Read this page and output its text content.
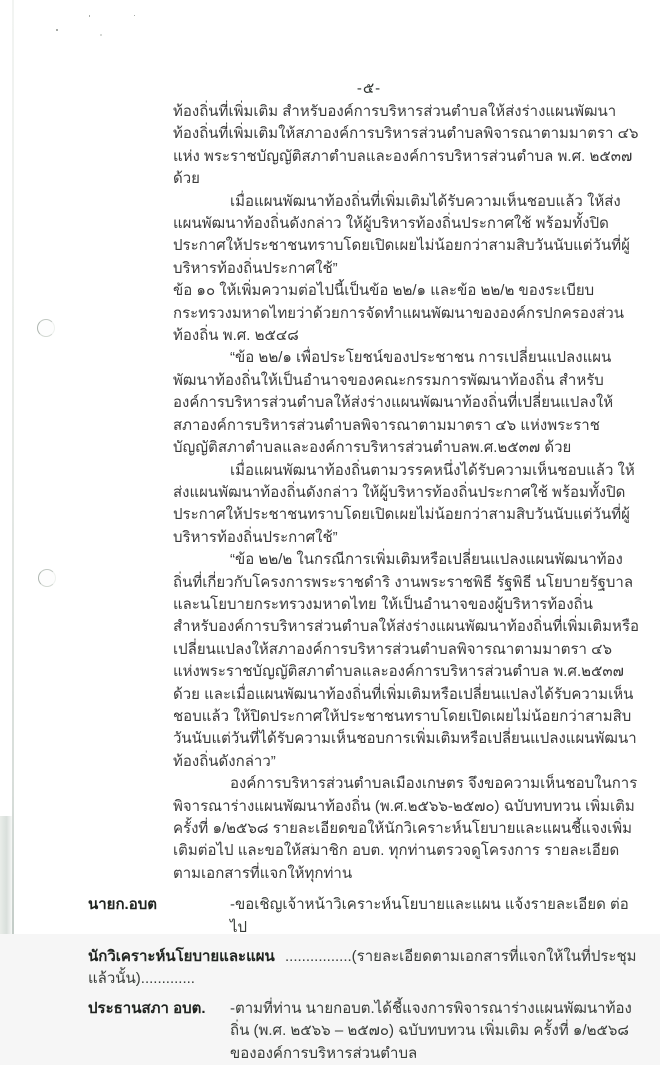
-๕-

ท้องถิ่นที่เพิ่มเติม สำหรับองค์การบริหารส่วนตำบลให้ส่งร่างแผนพัฒนาท้องถิ่นที่เพิ่มเติมให้สภาองค์การบริหารส่วนตำบลพิจารณาตามมาตรา ๔๖ แห่ง พระราชบัญญัติสภาตำบลและองค์การบริหารส่วนตำบล พ.ศ. ๒๕๓๗ ด้วย

เมื่อแผนพัฒนาท้องถิ่นที่เพิ่มเติมได้รับความเห็นชอบแล้ว ให้ส่งแผนพัฒนาท้องถิ่นดังกล่าว ให้ผู้บริหารท้องถิ่นประกาศใช้ พร้อมทั้งปิดประกาศให้ประชาชนทราบโดยเปิดเผยไม่น้อยกว่าสามสิบวันนับแต่วันที่ผู้บริหารท้องถิ่นประกาศใช้”

ข้อ ๑๐ ให้เพิ่มความต่อไปนี้เป็นข้อ ๒๒/๑ และข้อ ๒๒/๒ ของระเบียบกระทรวงมหาดไทยว่าด้วยการจัดทำแผนพัฒนาขององค์กรปกครองส่วนท้องถิ่น พ.ศ. ๒๕๔๘

“ข้อ ๒๒/๑ เพื่อประโยชน์ของประชาชน การเปลี่ยนแปลงแผนพัฒนาท้องถิ่นให้เป็นอำนาจของคณะกรรมการพัฒนาท้องถิ่น สำหรับองค์การบริหารส่วนตำบลให้ส่งร่างแผนพัฒนาท้องถิ่นที่เปลี่ยนแปลงให้สภาองค์การบริหารส่วนตำบลพิจารณาตามมาตรา ๔๖ แห่งพระราชบัญญัติสภาตำบลและองค์การบริหารส่วนตำบลพ.ศ.๒๕๓๗ ด้วย

เมื่อแผนพัฒนาท้องถิ่นตามวรรคหนึ่งได้รับความเห็นชอบแล้ว ให้ส่งแผนพัฒนาท้องถิ่นดังกล่าว ให้ผู้บริหารท้องถิ่นประกาศใช้ พร้อมทั้งปิดประกาศให้ประชาชนทราบโดยเปิดเผยไม่น้อยกว่าสามสิบวันนับแต่วันที่ผู้บริหารท้องถิ่นประกาศใช้”

“ข้อ ๒๒/๒ ในกรณีการเพิ่มเติมหรือเปลี่ยนแปลงแผนพัฒนาท้องถิ่นที่เกี่ยวกับโครงการพระราชดำริ งานพระราชพิธี รัฐพิธี นโยบายรัฐบาล และนโยบายกระทรวงมหาดไทย ให้เป็นอำนาจของผู้บริหารท้องถิ่น สำหรับองค์การบริหารส่วนตำบลให้ส่งร่างแผนพัฒนาท้องถิ่นที่เพิ่มเติมหรือเปลี่ยนแปลงให้สภาองค์การบริหารส่วนตำบลพิจารณาตามมาตรา ๔๖ แห่งพระราชบัญญัติสภาตำบลและองค์การบริหารส่วนตำบล พ.ศ.๒๕๓๗ ด้วย และเมื่อแผนพัฒนาท้องถิ่นที่เพิ่มเติมหรือเปลี่ยนแปลงได้รับความเห็นชอบแล้ว ให้ปิดประกาศให้ประชาชนทราบโดยเปิดเผยไม่น้อยกว่าสามสิบวันนับแต่วันที่ได้รับความเห็นชอบการเพิ่มเติมหรือเปลี่ยนแปลงแผนพัฒนาท้องถิ่นดังกล่าว”

องค์การบริหารส่วนตำบลเมืองเกษตร จึงขอความเห็นชอบในการพิจารณาร่างแผนพัฒนาท้องถิ่น (พ.ศ.๒๕๖๖-๒๕๗๐) ฉบับทบทวน เพิ่มเติม ครั้งที่ ๑/๒๕๖๘ รายละเอียดขอให้นักวิเคราะห์นโยบายและแผนชี้แจงเพิ่มเติมต่อไป และขอให้สมาชิก อบต. ทุกท่านตรวจดูโครงการ รายละเอียดตามเอกสารที่แจกให้ทุกท่าน

นายก.อบต	-ขอเชิญเจ้าหน้าวิเคราะห์นโยบายและแผน แจ้งรายละเอียด ต่อไป
นักวิเคราะห์นโยบายและแผน ................(รายละเอียดตามเอกสารที่แจกให้ในที่ประชุมแล้วนั้น).............
ประธานสภา อบต. -ตามที่ท่าน นายกอบต.ได้ชี้แจงการพิจารณาร่างแผนพัฒนาท้องถิ่น (พ.ศ. ๒๕๖๖ – ๒๕๗๐) ฉบับทบทวน เพิ่มเติม ครั้งที่ ๑/๒๕๖๘ ขององค์การบริหารส่วนตำบล
